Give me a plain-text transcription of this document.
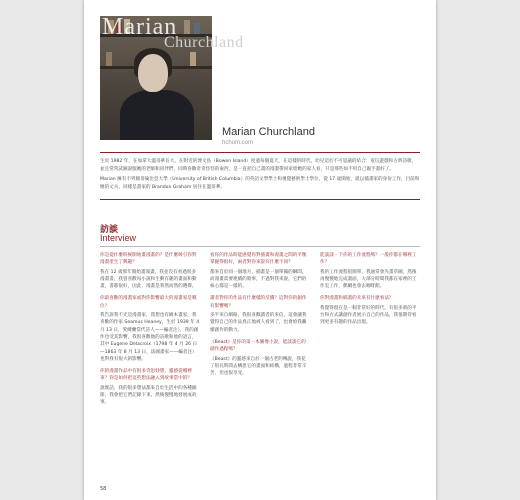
Marian
Churchland
Marian Churchland
hchom.com

生於 1982 年，在加拿大溫哥華長大，在附近的博文島（Bowen Island）度過每個夏天，在這樣的時代，幼兒這於不可思議的結合：電玩遊戲和古典詩歌，並且常常試圖說服她的老師和同伴們，同時喜歡奇奇怪怪的東西，是一直把自己畫的漫畫帶回家給她的家人看，只是那些如不用自己親手畫好了。

Marian 擁有不列顛哥倫比亞大學（University of British Columbia）的英語文學學士和視覺藝術學士學位，從 17 歲開始，就以插畫家的身份工作，目前和她的丈夫，同樣是畫家的 Brandon Graham 居住在溫哥華。

訪談
Interview
你是從什麼時候開始畫漫畫的？是什麼吸引你對漫畫產生了興趣？
我在 12 歲那年開始畫漫畫，我並沒有看過很多漫畫書，我曾喜歡每小說和生動有趣的畫面和動畫，書都很好，因此，漫畫是我然而然的選擇。
你最喜歡的漫畫家或對你影響最大的漫畫家是哪位？
我告訴我不光是漫畫家，我想也有繪本畫家，我喜歡的作家 Seamus Heaney，生於 1939 年 4 月 13 日，愛爾蘭當代詩人——編者注），我的創作也受其影響，我很喜歡他的詩歌和他的語言，其中 Eugene Delacroix（1798 年 4 月 26 日—1863 年 8 月 13 日，法國畫家——編者注）也對我有很大的影響。
你的漫畫作品中有很多奇思妙想，靈感從哪裡來？你是如何把這些想法融入到故事當中的？
說實話，我的很多想法都來自於生活中的各種細節，我會把它們記錄下來，然後慢慢地發展成故事。
看你的作品時能感覺你對插畫和漫畫之間的平衡掌握得很好，兩者對你來說有什麼不同？
都來自於同一個地方，插畫是一個單獨的瞬間，而漫畫需要連續的敘事，不過對我來說，它們的核心都是一樣的。
讀者對你的作品有什麼樣的反饋？這對你的創作有影響嗎？
多半來自網路，我很喜歡讀者的來信，這會讓我覺得自己的作品真正地被人看到了，也會給我繼續創作的動力。
《Beast》是你的第一本圖像小說，能談談它的創作過程嗎？
《Beast》的靈感來自於一個古老的傳說，我花了很長時間去構思它的畫面和結構，過程非常辛苦，但也很享受。
能談談一下你的工作流程嗎？一般你都在哪裡工作？
我的工作流程很簡單，我通常會先畫草圖，然後再慢慢地完成畫面，大部分時間我都在家裡的工作室工作，偶爾也會去咖啡館。
你對漫畫和插畫的未來有什麼看法？
我覺得現在是一個非常好的時代，有很多新的平台和方式讓創作者展示自己的作品，我很期待看到更多有趣的作品出現。
58
